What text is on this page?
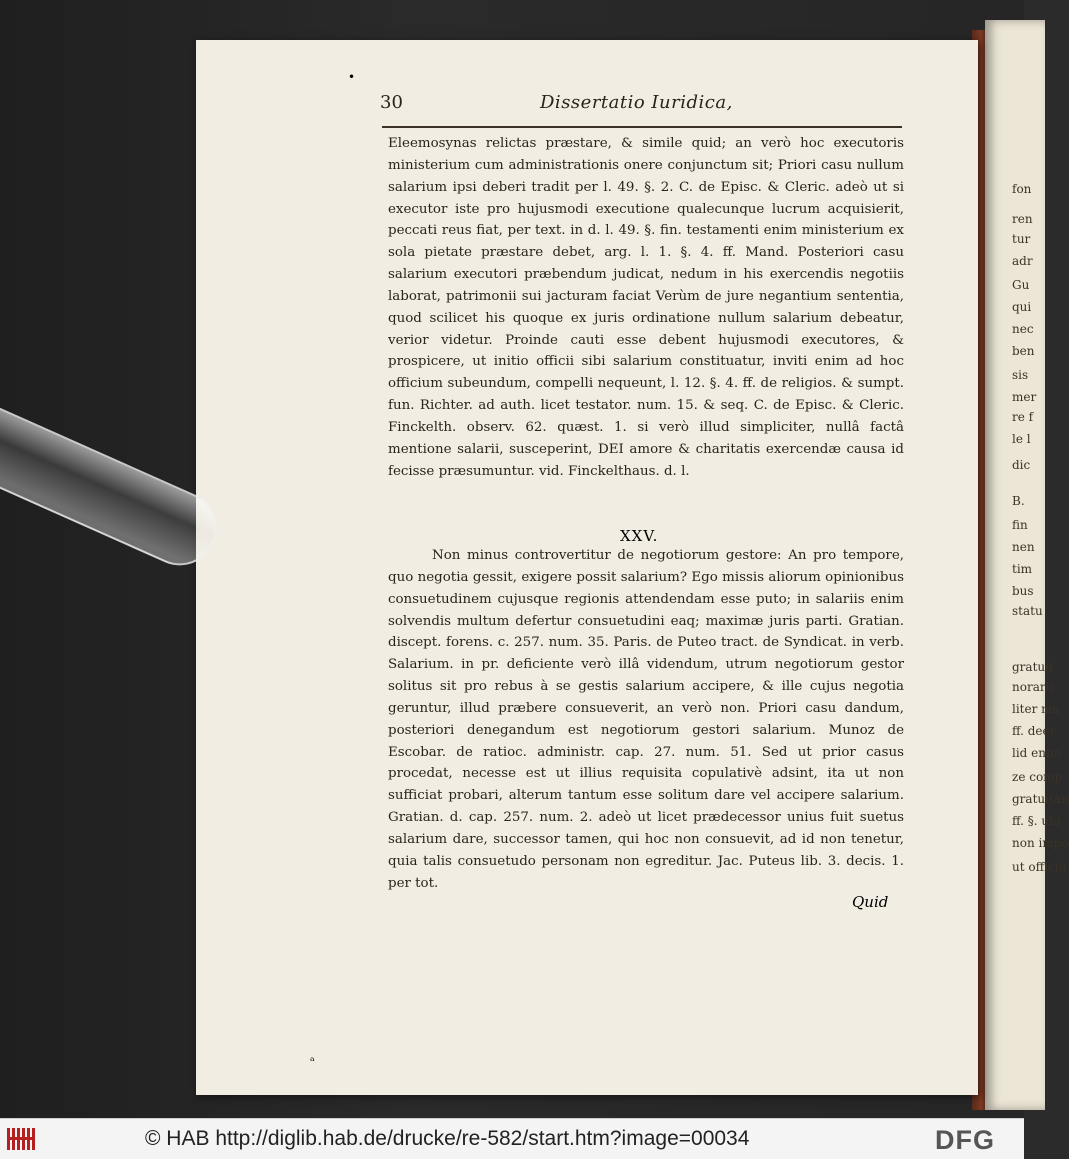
•
30	Dissertatio Iuridica,

Eleemosynas relictas præstare, & simile quid; an verò hoc executoris ministerium cum administrationis onere conjunctum sit; Priori casu nullum salarium ipsi deberi tradit per l. 49. §. 2. C. de Episc. & Cleric. adeò ut si executor iste pro hujusmodi executione qualecunque lucrum acquisierit, peccati reus fiat, per text. in d. l. 49. §. fin. testamenti enim ministerium ex sola pietate præstare debet, arg. l. 1. §. 4. ff. Mand. Posteriori casu salarium executori præbendum judicat, nedum in his exercendis negotiis laborat, patrimonii sui jacturam faciat Verùm de jure negantium sententia, quod scilicet his quoque ex juris ordinatione nullum salarium debeatur, verior videtur. Proinde cauti esse debent hujusmodi executores, & prospicere, ut initio officii sibi salarium constituatur, inviti enim ad hoc officium subeundum, compelli nequeunt, l. 12. §. 4. ff. de religios. & sumpt. fun. Richter. ad auth. licet testator. num. 15. & seq. C. de Episc. & Cleric. Finckelth. observ. 62. quæst. 1. si verò illud simpliciter, nullâ factâ mentione salarii, susceperint, DEI amore & charitatis exercendæ causa id fecisse præsumuntur. vid. Finckelthaus. d. l.

XXV.

Non minus controvertitur de negotiorum gestore: An pro tempore, quo negotia gessit, exigere possit salarium? Ego missis aliorum opinionibus consuetudinem cujusque regionis attendendam esse puto; in salariis enim solvendis multum defertur consuetudini eaq; maximæ juris parti. Gratian. discept. forens. c. 257. num. 35. Paris. de Puteo tract. de Syndicat. in verb. Salarium. in pr. deficiente verò illâ videndum, utrum negotiorum gestor solitus sit pro rebus à se gestis salarium accipere, & ille cujus negotia geruntur, illud præbere consueverit, an verò non. Priori casu dandum, posteriori denegandum est negotiorum gestori salarium. Munoz de Escobar. de ratioc. administr. cap. 27. num. 51. Sed ut prior casus procedat, necesse est ut illius requisita copulativè adsint, ita ut non sufficiat probari, alterum tantum esse solitum dare vel accipere salarium. Gratian. d. cap. 257. num. 2. adeò ut licet prædecessor unius fuit suetus salarium dare, successor tamen, qui hoc non consuevit, ad id non tenetur, quia talis consuetudo personam non egreditur. Jac. Puteus lib. 3. decis. 1. per tot.

Quid
ₐ
fon
ren
tur
adr
Gu
qui
nec
ben
sis
mer
re f
le l
dic
B.
fin
nen
tim
bus
statu
gratuit
norarii
liter ma
ff. deer
lid enim
ze comp
gratuitan
ff. §. ulu
non impo
ut officiu
© HAB http://diglib.hab.de/drucke/re-582/start.htm?image=00034	DFG
